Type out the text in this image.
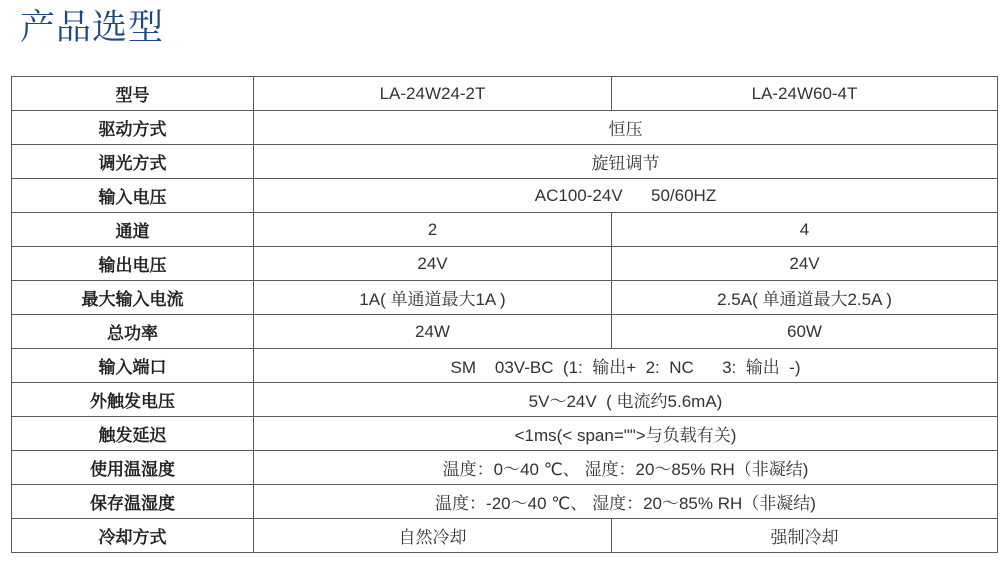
产品选型
型号	LA-24W24-2T	LA-24W60-4T
驱动方式	恒压	
调光方式	旋钮调节	
输入电压	AC100-24V      50/60HZ	
通道	2	4
输出电压	24V	24V
最大输入电流	1A( 单通道最大1A )	2.5A( 单通道最大2.5A )
总功率	24W	60W
输入端口	SM    03V-BC  (1:  输出+  2:  NC      3:  输出  -)	
外触发电压	5V～24V  ( 电流约5.6mA)	
触发延迟	<1ms(< span="">与负载有关)	
使用温湿度	温度：0～40 ℃、 湿度：20～85% RH（非凝结)	
保存温湿度	温度：-20～40 ℃、 湿度：20～85% RH（非凝结)	
冷却方式	自然冷却	强制冷却
